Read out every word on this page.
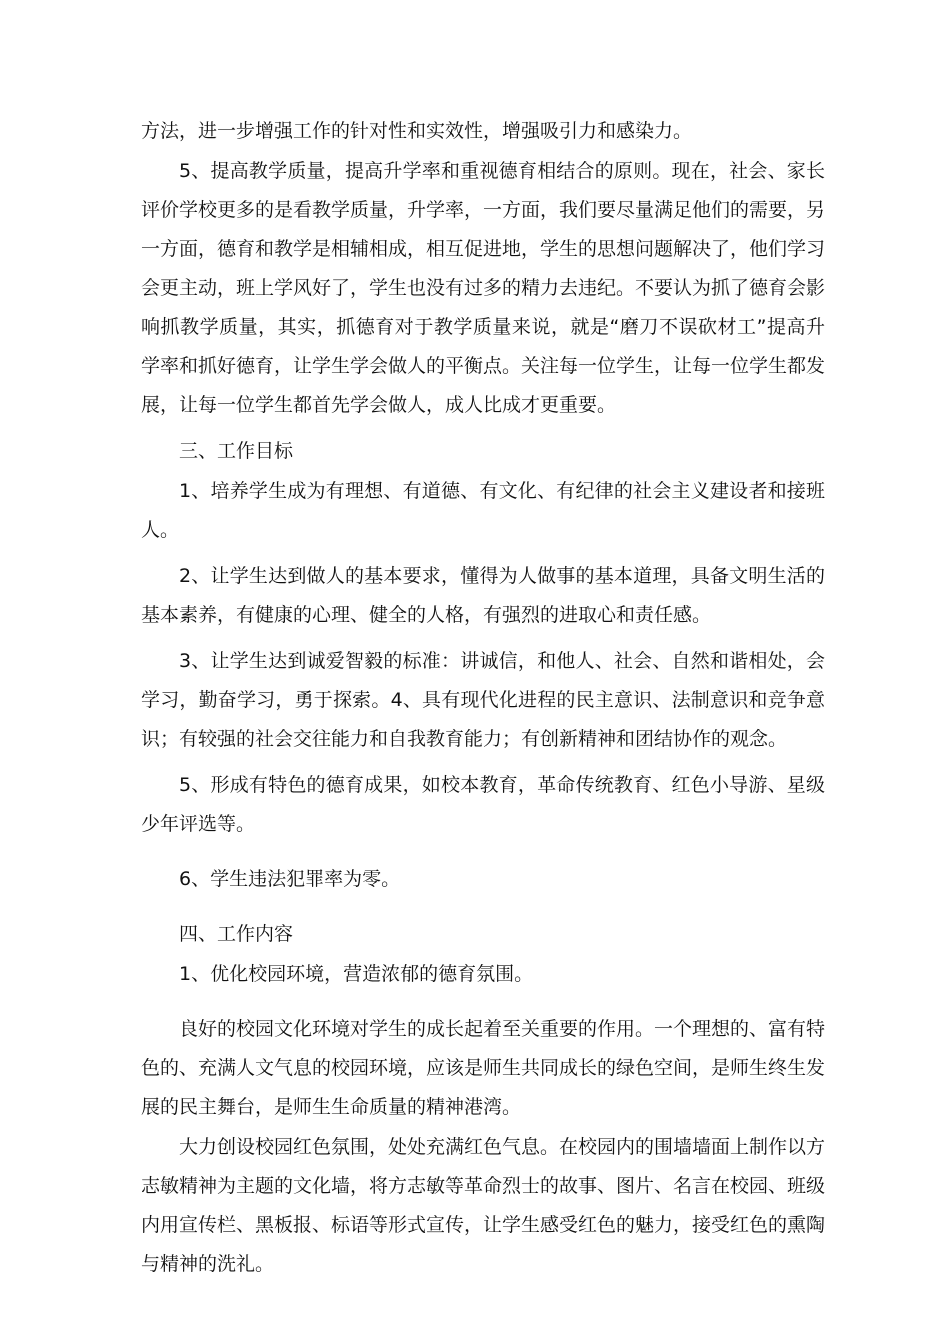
方法，进一步增强工作的针对性和实效性，增强吸引力和感染力。

5、提高教学质量，提高升学率和重视德育相结合的原则。现在，社会、家长评价学校更多的是看教学质量，升学率，一方面，我们要尽量满足他们的需要，另一方面，德育和教学是相辅相成，相互促进地，学生的思想问题解决了，他们学习会更主动，班上学风好了，学生也没有过多的精力去违纪。不要认为抓了德育会影响抓教学质量，其实，抓德育对于教学质量来说，就是“磨刀不误砍材工”提高升学率和抓好德育，让学生学会做人的平衡点。关注每一位学生，让每一位学生都发展，让每一位学生都首先学会做人，成人比成才更重要。

三、工作目标

1、培养学生成为有理想、有道德、有文化、有纪律的社会主义建设者和接班人。

2、让学生达到做人的基本要求，懂得为人做事的基本道理，具备文明生活的基本素养，有健康的心理、健全的人格，有强烈的进取心和责任感。

3、让学生达到诚爱智毅的标准：讲诚信，和他人、社会、自然和谐相处，会学习，勤奋学习，勇于探索。4、具有现代化进程的民主意识、法制意识和竞争意识；有较强的社会交往能力和自我教育能力；有创新精神和团结协作的观念。

5、形成有特色的德育成果，如校本教育，革命传统教育、红色小导游、星级少年评选等。

6、学生违法犯罪率为零。

四、工作内容

1、优化校园环境，营造浓郁的德育氛围。

良好的校园文化环境对学生的成长起着至关重要的作用。一个理想的、富有特色的、充满人文气息的校园环境，应该是师生共同成长的绿色空间，是师生终生发展的民主舞台，是师生生命质量的精神港湾。

大力创设校园红色氛围，处处充满红色气息。在校园内的围墙墙面上制作以方志敏精神为主题的文化墙，将方志敏等革命烈士的故事、图片、名言在校园、班级内用宣传栏、黑板报、标语等形式宣传，让学生感受红色的魅力，接受红色的熏陶与精神的洗礼。
